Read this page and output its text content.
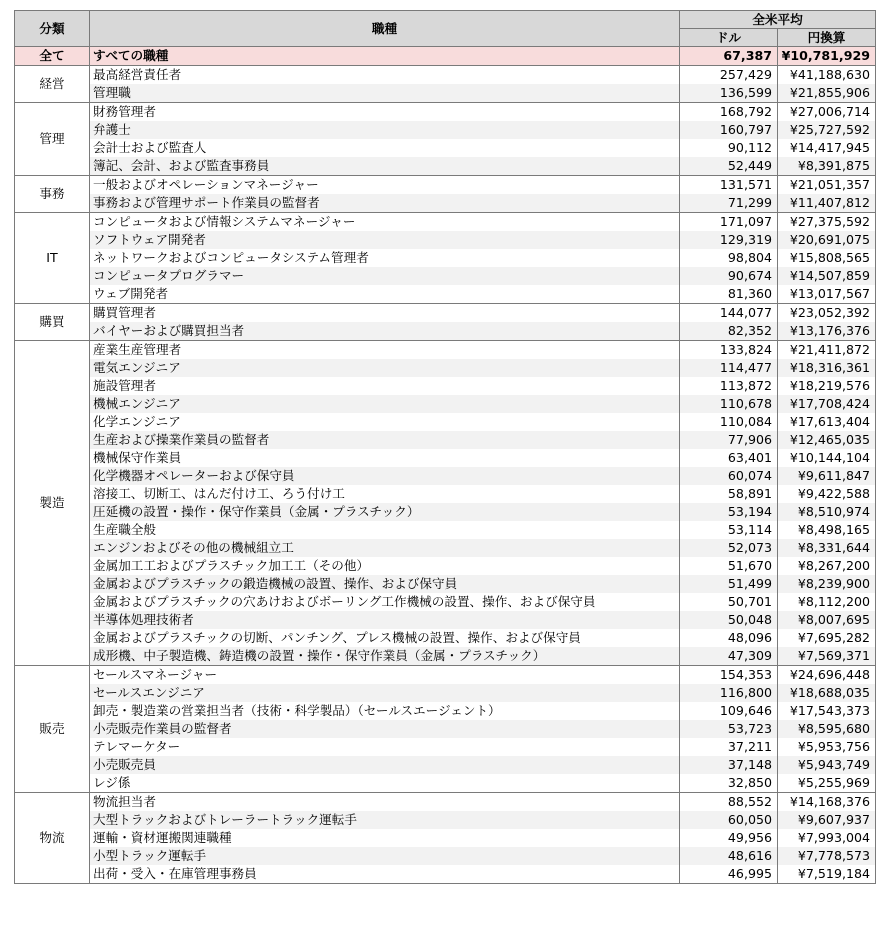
分類	職種	全米平均	
		ドル	円換算
全て	すべての職種	67,387	¥10,781,929
経営	最高経営責任者	257,429	¥41,188,630
	管理職	136,599	¥21,855,906
管理	財務管理者	168,792	¥27,006,714
	弁護士	160,797	¥25,727,592
	会計士および監査人	90,112	¥14,417,945
	簿記、会計、および監査事務員	52,449	¥8,391,875
事務	一般およびオペレーションマネージャー	131,571	¥21,051,357
	事務および管理サポート作業員の監督者	71,299	¥11,407,812
IT	コンピュータおよび情報システムマネージャー	171,097	¥27,375,592
	ソフトウェア開発者	129,319	¥20,691,075
	ネットワークおよびコンピュータシステム管理者	98,804	¥15,808,565
	コンピュータプログラマー	90,674	¥14,507,859
	ウェブ開発者	81,360	¥13,017,567
購買	購買管理者	144,077	¥23,052,392
	バイヤーおよび購買担当者	82,352	¥13,176,376
製造	産業生産管理者	133,824	¥21,411,872
	電気エンジニア	114,477	¥18,316,361
	施設管理者	113,872	¥18,219,576
	機械エンジニア	110,678	¥17,708,424
	化学エンジニア	110,084	¥17,613,404
	生産および操業作業員の監督者	77,906	¥12,465,035
	機械保守作業員	63,401	¥10,144,104
	化学機器オペレーターおよび保守員	60,074	¥9,611,847
	溶接工、切断工、はんだ付け工、ろう付け工	58,891	¥9,422,588
	圧延機の設置・操作・保守作業員（金属・プラスチック）	53,194	¥8,510,974
	生産職全般	53,114	¥8,498,165
	エンジンおよびその他の機械組立工	52,073	¥8,331,644
	金属加工工およびプラスチック加工工（その他）	51,670	¥8,267,200
	金属およびプラスチックの鍛造機械の設置、操作、および保守員	51,499	¥8,239,900
	金属およびプラスチックの穴あけおよびボーリング工作機械の設置、操作、および保守員	50,701	¥8,112,200
	半導体処理技術者	50,048	¥8,007,695
	金属およびプラスチックの切断、パンチング、プレス機械の設置、操作、および保守員	48,096	¥7,695,282
	成形機、中子製造機、鋳造機の設置・操作・保守作業員（金属・プラスチック）	47,309	¥7,569,371
販売	セールスマネージャー	154,353	¥24,696,448
	セールスエンジニア	116,800	¥18,688,035
	卸売・製造業の営業担当者（技術・科学製品）（セールスエージェント）	109,646	¥17,543,373
	小売販売作業員の監督者	53,723	¥8,595,680
	テレマーケター	37,211	¥5,953,756
	小売販売員	37,148	¥5,943,749
	レジ係	32,850	¥5,255,969
物流	物流担当者	88,552	¥14,168,376
	大型トラックおよびトレーラートラック運転手	60,050	¥9,607,937
	運輸・資材運搬関連職種	49,956	¥7,993,004
	小型トラック運転手	48,616	¥7,778,573
	出荷・受入・在庫管理事務員	46,995	¥7,519,184
